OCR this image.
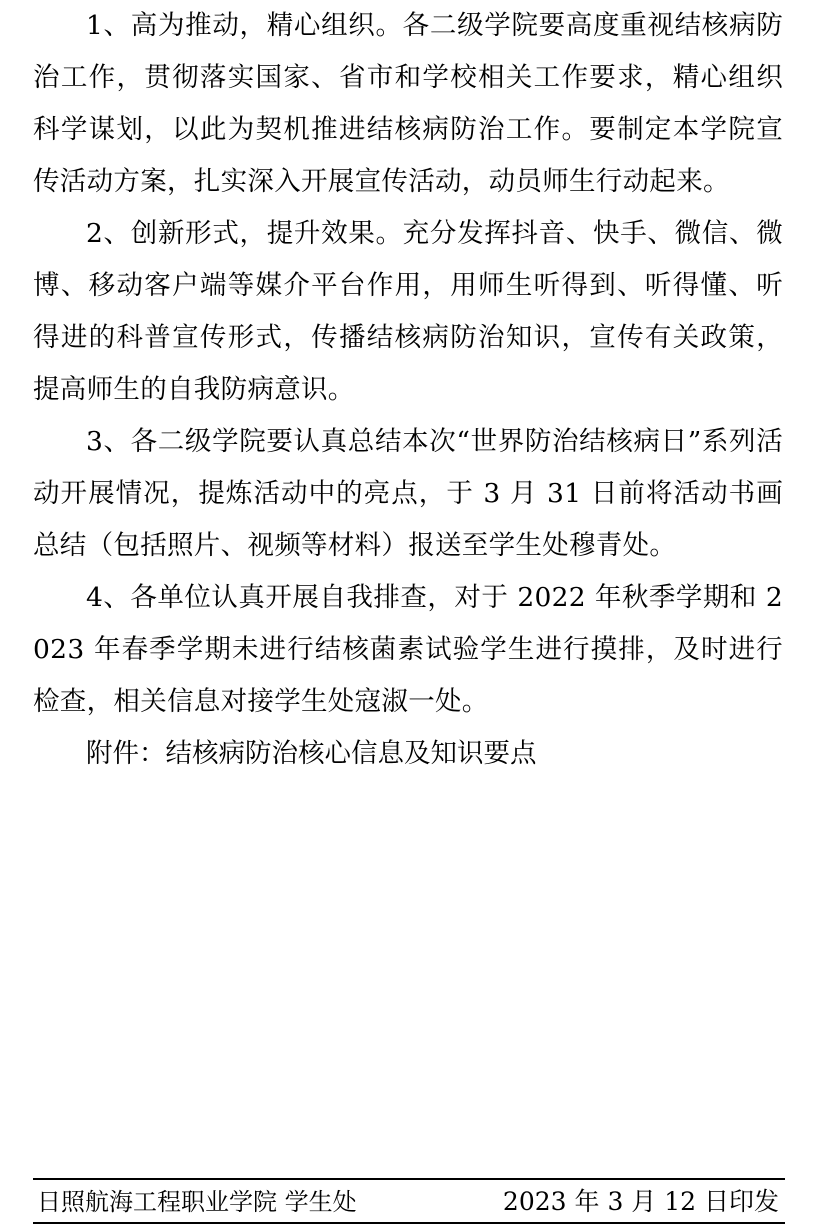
1、高为推动，精心组织。各二级学院要高度重视结核病防治工作，贯彻落实国家、省市和学校相关工作要求，精心组织科学谋划，以此为契机推进结核病防治工作。要制定本学院宣传活动方案，扎实深入开展宣传活动，动员师生行动起来。

2、创新形式，提升效果。充分发挥抖音、快手、微信、微博、移动客户端等媒介平台作用，用师生听得到、听得懂、听得进的科普宣传形式，传播结核病防治知识，宣传有关政策，提高师生的自我防病意识。

3、各二级学院要认真总结本次“世界防治结核病日”系列活动开展情况，提炼活动中的亮点，于 3 月 31 日前将活动书画总结（包括照片、视频等材料）报送至学生处穆青处。

4、各单位认真开展自我排查，对于 2022 年秋季学期和 2023 年春季学期未进行结核菌素试验学生进行摸排，及时进行检查，相关信息对接学生处寇淑一处。

附件：结核病防治核心信息及知识要点

日照航海工程职业学院 学生处	2023 年 3 月 12 日印发
